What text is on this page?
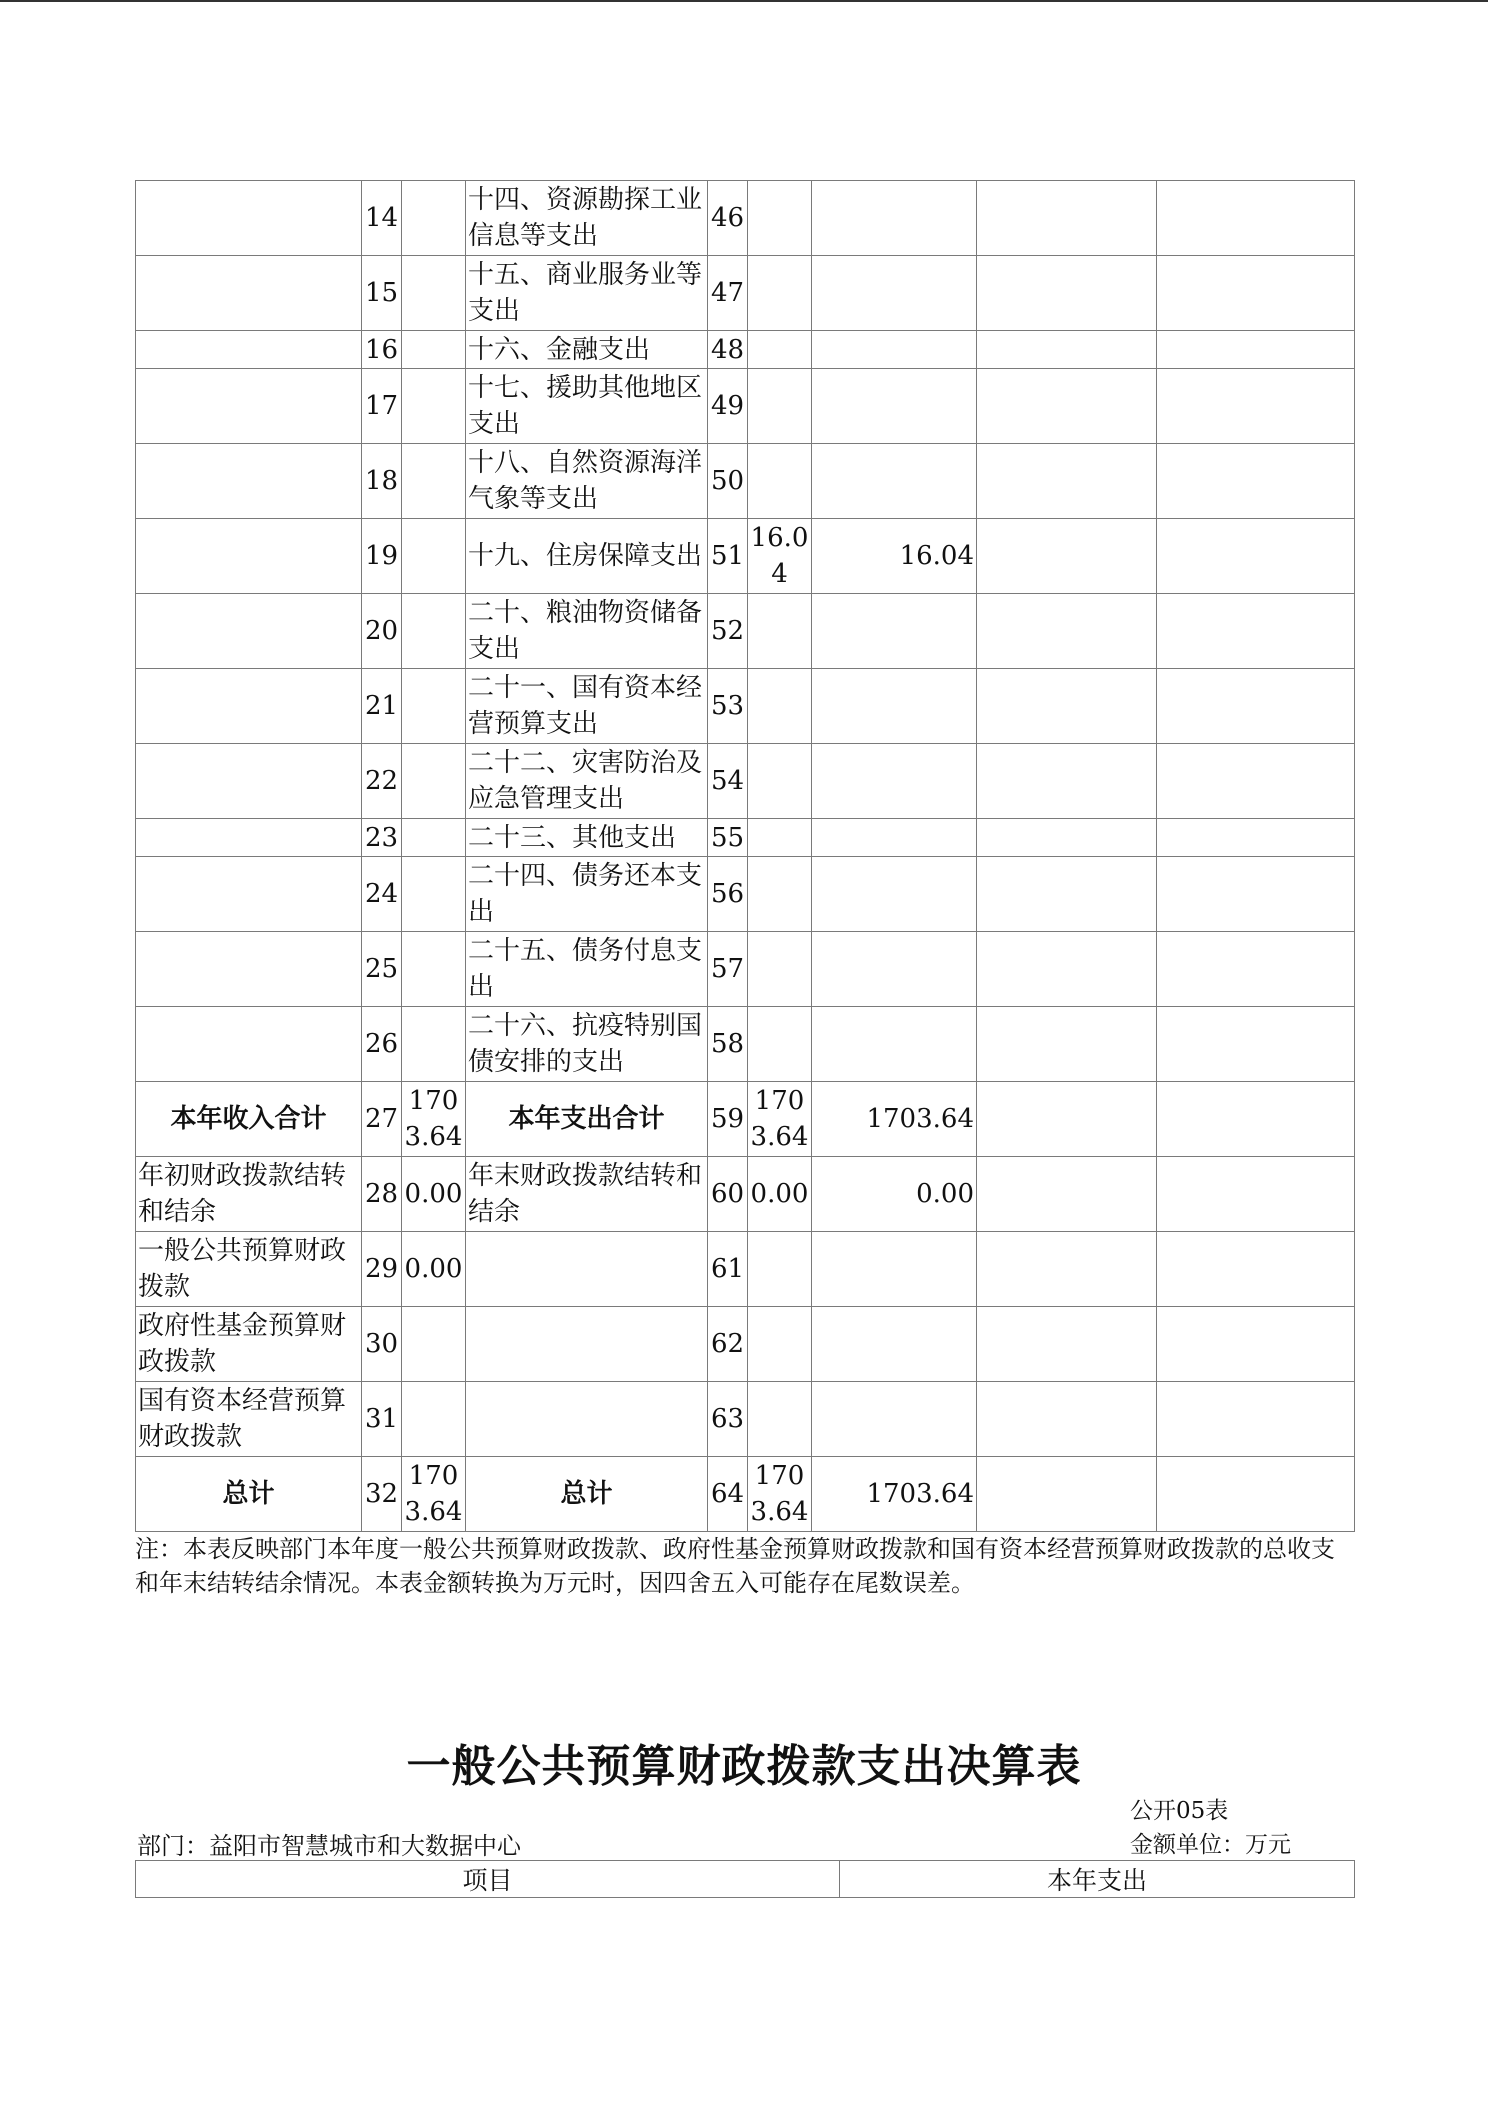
	14		十四、资源勘探工业信息等支出	46				
	15		十五、商业服务业等支出	47				
	16		十六、金融支出	48				
	17		十七、援助其他地区支出	49				
	18		十八、自然资源海洋气象等支出	50				
	19		十九、住房保障支出	51	16.04	16.04		
	20		二十、粮油物资储备支出	52				
	21		二十一、国有资本经营预算支出	53				
	22		二十二、灾害防治及应急管理支出	54				
	23		二十三、其他支出	55				
	24		二十四、债务还本支出	56				
	25		二十五、债务付息支出	57				
	26		二十六、抗疫特别国债安排的支出	58				
本年收入合计	27	1703.64	本年支出合计	59	1703.64	1703.64		
年初财政拨款结转和结余	28	0.00	年末财政拨款结转和结余	60	0.00	0.00		
一般公共预算财政拨款	29	0.00		61				
政府性基金预算财政拨款	30			62				
国有资本经营预算财政拨款	31			63				
总计	32	1703.64	总计	64	1703.64	1703.64		

注：本表反映部门本年度一般公共预算财政拨款、政府性基金预算财政拨款和国有资本经营预算财政拨款的总收支和年末结转结余情况。本表金额转换为万元时，因四舍五入可能存在尾数误差。

一般公共预算财政拨款支出决算表
公开05表
部门：益阳市智慧城市和大数据中心	金额单位：万元
项目	本年支出
